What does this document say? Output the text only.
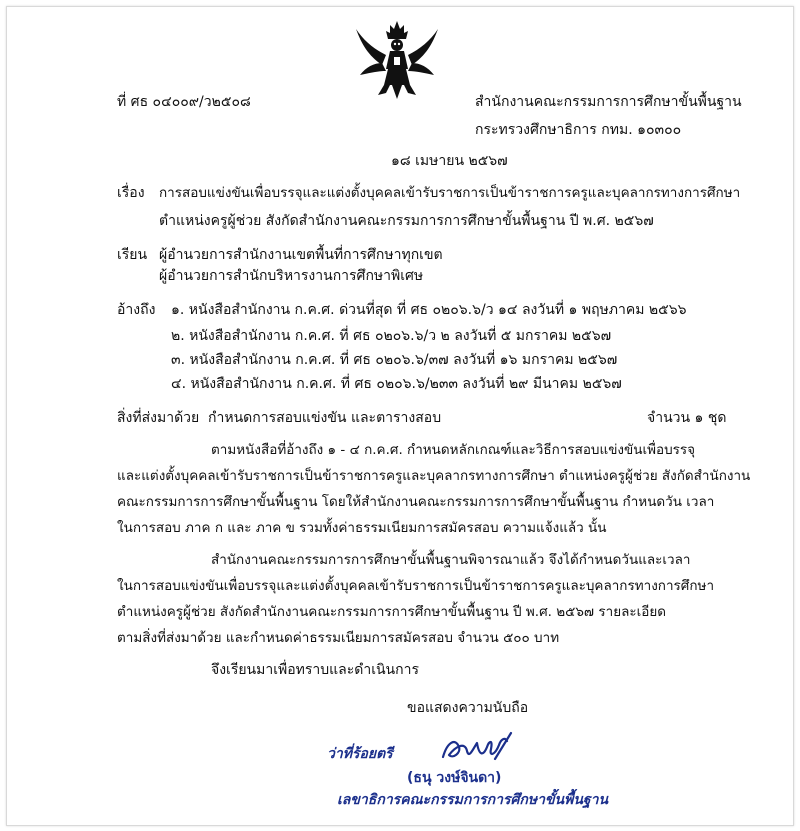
ที่ ศธ ๐๔๐๐๙/ว๒๕๐๘	สำนักงานคณะกรรมการการศึกษาขั้นพื้นฐาน
กระทรวงศึกษาธิการ กทม. ๑๐๓๐๐
๑๘ เมษายน ๒๕๖๗
เรื่อง การสอบแข่งขันเพื่อบรรจุและแต่งตั้งบุคคลเข้ารับราชการเป็นข้าราชการครูและบุคลากรทางการศึกษา
ตำแหน่งครูผู้ช่วย สังกัดสำนักงานคณะกรรมการการศึกษาขั้นพื้นฐาน ปี พ.ศ. ๒๕๖๗
เรียน ผู้อำนวยการสำนักงานเขตพื้นที่การศึกษาทุกเขต
ผู้อำนวยการสำนักบริหารงานการศึกษาพิเศษ
อ้างถึง ๑. หนังสือสำนักงาน ก.ค.ศ. ด่วนที่สุด ที่ ศธ ๐๒๐๖.๖/ว ๑๔ ลงวันที่ ๑ พฤษภาคม ๒๕๖๖
๒. หนังสือสำนักงาน ก.ค.ศ. ที่ ศธ ๐๒๐๖.๖/ว ๒ ลงวันที่ ๕ มกราคม ๒๕๖๗
๓. หนังสือสำนักงาน ก.ค.ศ. ที่ ศธ ๐๒๐๖.๖/๓๗ ลงวันที่ ๑๖ มกราคม ๒๕๖๗
๔. หนังสือสำนักงาน ก.ค.ศ. ที่ ศธ ๐๒๐๖.๖/๒๓๓ ลงวันที่ ๒๙ มีนาคม ๒๕๖๗
สิ่งที่ส่งมาด้วย กำหนดการสอบแข่งขัน และตารางสอบ	จำนวน ๑ ชุด
ตามหนังสือที่อ้างถึง ๑ - ๔ ก.ค.ศ. กำหนดหลักเกณฑ์และวิธีการสอบแข่งขันเพื่อบรรจุ
และแต่งตั้งบุคคลเข้ารับราชการเป็นข้าราชการครูและบุคลากรทางการศึกษา ตำแหน่งครูผู้ช่วย สังกัดสำนักงาน
คณะกรรมการการศึกษาขั้นพื้นฐาน โดยให้สำนักงานคณะกรรมการการศึกษาขั้นพื้นฐาน กำหนดวัน เวลา
ในการสอบ ภาค ก และ ภาค ข รวมทั้งค่าธรรมเนียมการสมัครสอบ ความแจ้งแล้ว นั้น
สำนักงานคณะกรรมการการศึกษาขั้นพื้นฐานพิจารณาแล้ว จึงได้กำหนดวันและเวลา
ในการสอบแข่งขันเพื่อบรรจุและแต่งตั้งบุคคลเข้ารับราชการเป็นข้าราชการครูและบุคลากรทางการศึกษา
ตำแหน่งครูผู้ช่วย สังกัดสำนักงานคณะกรรมการการศึกษาขั้นพื้นฐาน ปี พ.ศ. ๒๕๖๗ รายละเอียด
ตามสิ่งที่ส่งมาด้วย และกำหนดค่าธรรมเนียมการสมัครสอบ จำนวน ๕๐๐ บาท
จึงเรียนมาเพื่อทราบและดำเนินการ
ขอแสดงความนับถือ
ว่าที่ร้อยตรี
(ธนุ วงษ์จินดา)
เลขาธิการคณะกรรมการการศึกษาขั้นพื้นฐาน
